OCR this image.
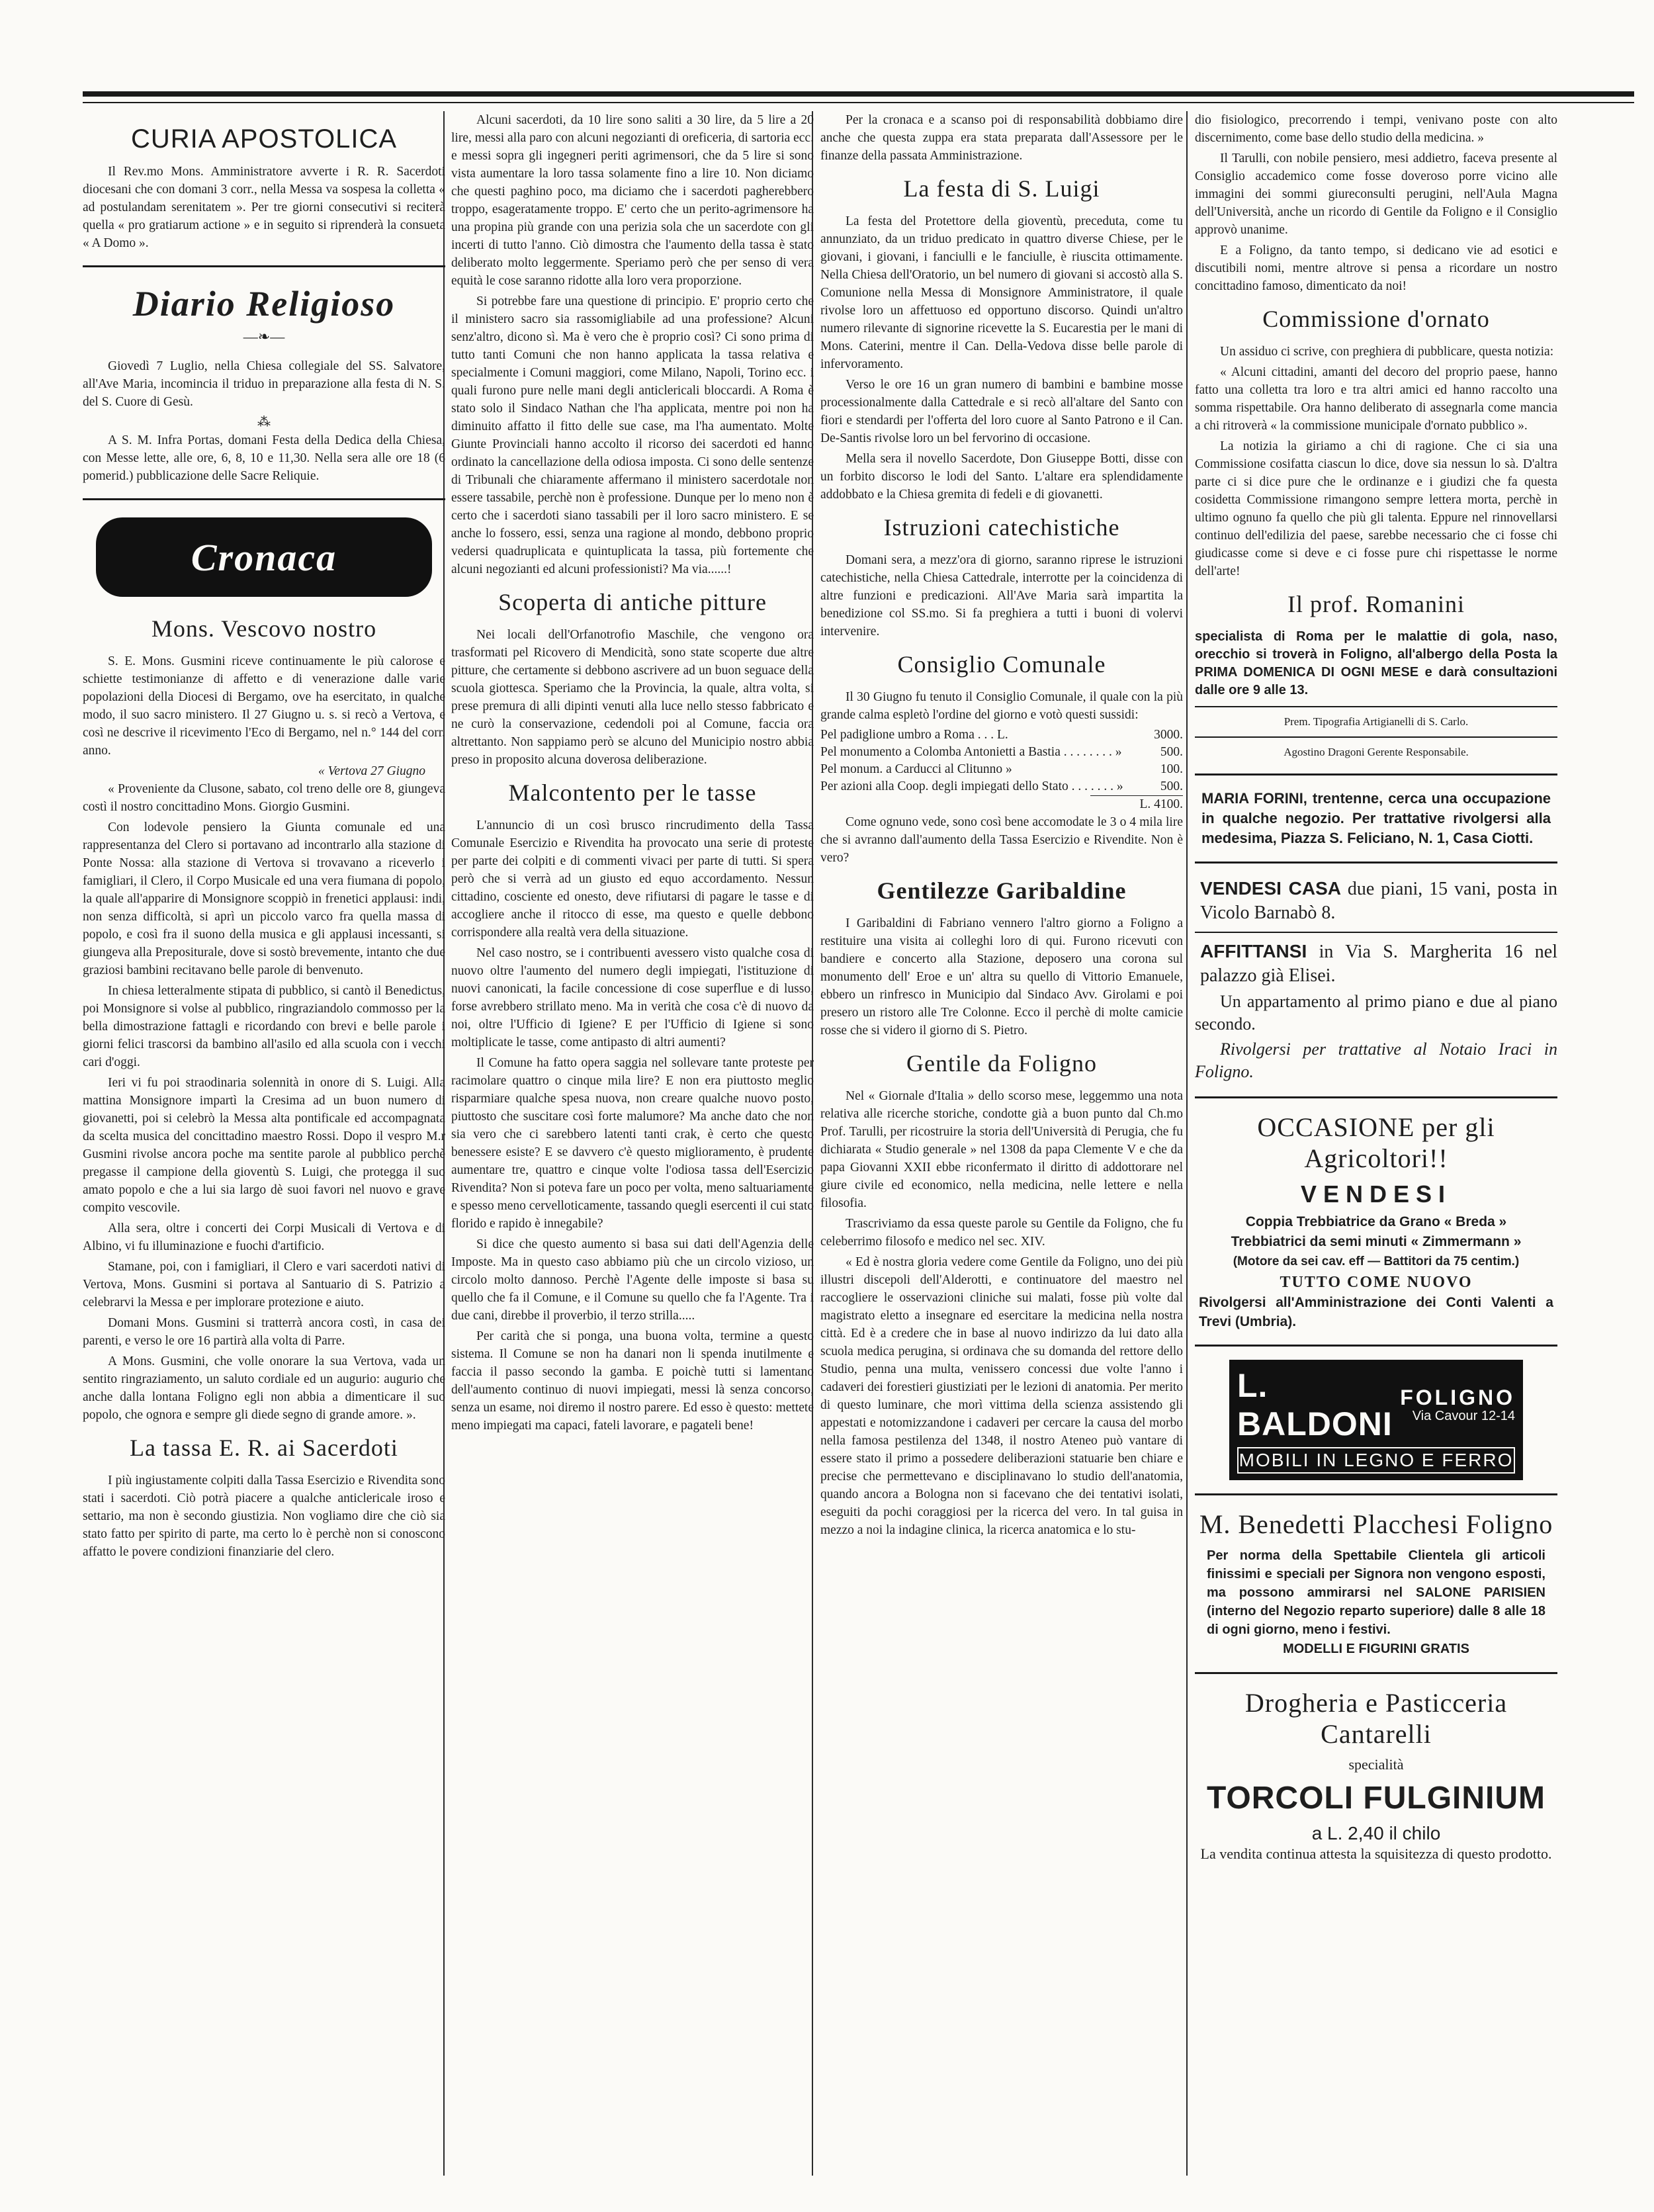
CURIA APOSTOLICA

Il Rev.mo Mons. Amministratore avverte i R. R. Sacerdoti diocesani che con domani 3 corr., nella Messa va sospesa la colletta « ad postulandam serenitatem ». Per tre giorni consecutivi si reciterà quella « pro gratiarum actione » e in seguito si riprenderà la consueta « A Domo ».

Diario Religioso
—❧—

Giovedì 7 Luglio, nella Chiesa collegiale del SS. Salvatore, all'Ave Maria, incomincia il triduo in preparazione alla festa di N. S. del S. Cuore di Gesù.

⁂

A S. M. Infra Portas, domani Festa della Dedica della Chiesa, con Messe lette, alle ore, 6, 8, 10 e 11,30. Nella sera alle ore 18 (6 pomerid.) pubblicazione delle Sacre Reliquie.

Cronaca
Mons. Vescovo nostro

S. E. Mons. Gusmini riceve continuamente le più calorose e schiette testimonianze di affetto e di venerazione dalle varie popolazioni della Diocesi di Bergamo, ove ha esercitato, in qualche modo, il suo sacro ministero. Il 27 Giugno u. s. si recò a Vertova, e così ne descrive il ricevimento l'Eco di Bergamo, nel n.° 144 del corr. anno.

« Vertova 27 Giugno

« Proveniente da Clusone, sabato, col treno delle ore 8, giungeva costì il nostro concittadino Mons. Giorgio Gusmini.

Con lodevole pensiero la Giunta comunale ed una rappresentanza del Clero si portavano ad incontrarlo alla stazione di Ponte Nossa: alla stazione di Vertova si trovavano a riceverlo i famigliari, il Clero, il Corpo Musicale ed una vera fiumana di popolo, la quale all'apparire di Monsignore scoppiò in frenetici applausi: indi, non senza difficoltà, si aprì un piccolo varco fra quella massa di popolo, e così fra il suono della musica e gli applausi incessanti, si giungeva alla Prepositurale, dove si sostò brevemente, intanto che due graziosi bambini recitavano belle parole di benvenuto.

In chiesa letteralmente stipata di pubblico, si cantò il Benedictus, poi Monsignore si volse al pubblico, ringraziandolo commosso per la bella dimostrazione fattagli e ricordando con brevi e belle parole i giorni felici trascorsi da bambino all'asilo ed alla scuola con i vecchi cari d'oggi.

Ieri vi fu poi straodinaria solennità in onore di S. Luigi. Alla mattina Monsignore impartì la Cresima ad un buon numero di giovanetti, poi si celebrò la Messa alta pontificale ed accompagnata da scelta musica del concittadino maestro Rossi. Dopo il vespro M.r Gusmini rivolse ancora poche ma sentite parole al pubblico perchè pregasse il campione della gioventù S. Luigi, che protegga il suo amato popolo e che a lui sia largo dè suoi favori nel nuovo e grave compito vescovile.

Alla sera, oltre i concerti dei Corpi Musicali di Vertova e di Albino, vi fu illuminazione e fuochi d'artificio.

Stamane, poi, con i famigliari, il Clero e vari sacerdoti nativi di Vertova, Mons. Gusmini si portava al Santuario di S. Patrizio a celebrarvi la Messa e per implorare protezione e aiuto.

Domani Mons. Gusmini si tratterrà ancora costì, in casa dei parenti, e verso le ore 16 partirà alla volta di Parre.

A Mons. Gusmini, che volle onorare la sua Vertova, vada un sentito ringraziamento, un saluto cordiale ed un augurio: augurio che anche dalla lontana Foligno egli non abbia a dimenticare il suo popolo, che ognora e sempre gli diede segno di grande amore. ».

La tassa E. R. ai Sacerdoti

I più ingiustamente colpiti dalla Tassa Esercizio e Rivendita sono stati i sacerdoti. Ciò potrà piacere a qualche anticlericale iroso e settario, ma non è secondo giustizia. Non vogliamo dire che ciò sia stato fatto per spirito di parte, ma certo lo è perchè non si conoscono affatto le povere condizioni finanziarie del clero.

Alcuni sacerdoti, da 10 lire sono saliti a 30 lire, da 5 lire a 20 lire, messi alla paro con alcuni negozianti di oreficeria, di sartoria ecc. e messi sopra gli ingegneri periti agrimensori, che da 5 lire si sono vista aumentare la loro tassa solamente fino a lire 10. Non diciamo che questi paghino poco, ma diciamo che i sacerdoti pagherebbero troppo, esageratamente troppo. E' certo che un perito-agrimensore ha una propina più grande con una perizia sola che un sacerdote con gli incerti di tutto l'anno. Ciò dimostra che l'aumento della tassa è stato deliberato molto leggermente. Speriamo però che per senso di vera equità le cose saranno ridotte alla loro vera proporzione.

Si potrebbe fare una questione di principio. E' proprio certo che il ministero sacro sia rassomigliabile ad una professione? Alcuni senz'altro, dicono sì. Ma è vero che è proprio così? Ci sono prima di tutto tanti Comuni che non hanno applicata la tassa relativa e specialmente i Comuni maggiori, come Milano, Napoli, Torino ecc. i quali furono pure nelle mani degli anticlericali bloccardi. A Roma è stato solo il Sindaco Nathan che l'ha applicata, mentre poi non ha diminuito affatto il fitto delle sue case, ma l'ha aumentato. Molte Giunte Provinciali hanno accolto il ricorso dei sacerdoti ed hanno ordinato la cancellazione della odiosa imposta. Ci sono delle sentenze di Tribunali che chiaramente affermano il ministero sacerdotale non essere tassabile, perchè non è professione. Dunque per lo meno non è certo che i sacerdoti siano tassabili per il loro sacro ministero. E se anche lo fossero, essi, senza una ragione al mondo, debbono proprio vedersi quadruplicata e quintuplicata la tassa, più fortemente che alcuni negozianti ed alcuni professionisti? Ma via......!

Scoperta di antiche pitture

Nei locali dell'Orfanotrofio Maschile, che vengono ora trasformati pel Ricovero di Mendicità, sono state scoperte due altre pitture, che certamente si debbono ascrivere ad un buon seguace della scuola giottesca. Speriamo che la Provincia, la quale, altra volta, si prese premura di alli dipinti venuti alla luce nello stesso fabbricato e ne curò la conservazione, cedendoli poi al Comune, faccia ora altrettanto. Non sappiamo però se alcuno del Municipio nostro abbia preso in proposito alcuna doverosa deliberazione.

Malcontento per le tasse

L'annuncio di un così brusco rincrudimento della Tassa Comunale Esercizio e Rivendita ha provocato una serie di proteste per parte dei colpiti e di commenti vivaci per parte di tutti. Si spera però che si verrà ad un giusto ed equo accordamento. Nessun cittadino, cosciente ed onesto, deve rifiutarsi di pagare le tasse e di accogliere anche il ritocco di esse, ma questo e quelle debbono corrispondere alla realtà vera della situazione.

Nel caso nostro, se i contribuenti avessero visto qualche cosa di nuovo oltre l'aumento del numero degli impiegati, l'istituzione di nuovi canonicati, la facile concessione di cose superflue e di lusso, forse avrebbero strillato meno. Ma in verità che cosa c'è di nuovo da noi, oltre l'Ufficio di Igiene? E per l'Ufficio di Igiene si sono moltiplicate le tasse, come antipasto di altri aumenti?

Il Comune ha fatto opera saggia nel sollevare tante proteste per racimolare quattro o cinque mila lire? E non era piuttosto meglio risparmiare qualche spesa nuova, non creare qualche nuovo posto, piuttosto che suscitare così forte malumore? Ma anche dato che non sia vero che ci sarebbero latenti tanti crak, è certo che questo benessere esiste? E se davvero c'è questo miglioramento, è prudente aumentare tre, quattro e cinque volte l'odiosa tassa dell'Esercizio Rivendita? Non si poteva fare un poco per volta, meno saltuariamente e spesso meno cervelloticamente, tassando quegli esercenti il cui stato florido e rapido è innegabile?

Si dice che questo aumento si basa sui dati dell'Agenzia delle Imposte. Ma in questo caso abbiamo più che un circolo vizioso, un circolo molto dannoso. Perchè l'Agente delle imposte si basa su quello che fa il Comune, e il Comune su quello che fa l'Agente. Tra i due cani, direbbe il proverbio, il terzo strilla.....

Per carità che si ponga, una buona volta, termine a questo sistema. Il Comune se non ha danari non li spenda inutilmente e faccia il passo secondo la gamba. E poichè tutti si lamentano dell'aumento continuo di nuovi impiegati, messi là senza concorso, senza un esame, noi diremo il nostro parere. Ed esso è questo: mettete meno impiegati ma capaci, fateli lavorare, e pagateli bene!

Per la cronaca e a scanso poi di responsabilità dobbiamo dire anche che questa zuppa era stata preparata dall'Assessore per le finanze della passata Amministrazione.

La festa di S. Luigi

La festa del Protettore della gioventù, preceduta, come tu annunziato, da un triduo predicato in quattro diverse Chiese, per le giovani, i giovani, i fanciulli e le fanciulle, è riuscita ottimamente. Nella Chiesa dell'Oratorio, un bel numero di giovani si accostò alla S. Comunione nella Messa di Monsignore Amministratore, il quale rivolse loro un affettuoso ed opportuno discorso. Quindi un'altro numero rilevante di signorine ricevette la S. Eucarestia per le mani di Mons. Caterini, mentre il Can. Della-Vedova disse belle parole di infervoramento.

Verso le ore 16 un gran numero di bambini e bambine mosse processionalmente dalla Cattedrale e si recò all'altare del Santo con fiori e stendardi per l'offerta del loro cuore al Santo Patrono e il Can. De-Santis rivolse loro un bel fervorino di occasione.

Mella sera il novello Sacerdote, Don Giuseppe Botti, disse con un forbito discorso le lodi del Santo. L'altare era splendidamente addobbato e la Chiesa gremita di fedeli e di giovanetti.

Istruzioni catechistiche

Domani sera, a mezz'ora di giorno, saranno riprese le istruzioni catechistiche, nella Chiesa Cattedrale, interrotte per la coincidenza di altre funzioni e predicazioni. All'Ave Maria sarà impartita la benedizione col SS.mo. Si fa preghiera a tutti i buoni di volervi intervenire.

Consiglio Comunale

Il 30 Giugno fu tenuto il Consiglio Comunale, il quale con la più grande calma espletò l'ordine del giorno e votò questi sussidi:

Pel padiglione umbro a Roma . . . L.	3000.
Pel monumento a Colomba Antonietti a Bastia . . . . . . . . »	500.
Pel monum. a Carducci al Clitunno »	100.
Per azioni alla Coop. degli impiegati dello Stato . . . . . . . »	500.
L. 4100.

Come ognuno vede, sono così bene accomodate le 3 o 4 mila lire che si avranno dall'aumento della Tassa Esercizio e Rivendite. Non è vero?

Gentilezze Garibaldine

I Garibaldini di Fabriano vennero l'altro giorno a Foligno a restituire una visita ai colleghi loro di qui. Furono ricevuti con bandiere e concerto alla Stazione, deposero una corona sul monumento dell' Eroe e un' altra su quello di Vittorio Emanuele, ebbero un rinfresco in Municipio dal Sindaco Avv. Girolami e poi presero un ristoro alle Tre Colonne. Ecco il perchè di molte camicie rosse che si videro il giorno di S. Pietro.

Gentile da Foligno

Nel « Giornale d'Italia » dello scorso mese, leggemmo una nota relativa alle ricerche storiche, condotte già a buon punto dal Ch.mo Prof. Tarulli, per ricostruire la storia dell'Università di Perugia, che fu dichiarata « Studio generale » nel 1308 da papa Clemente V e che da papa Giovanni XXII ebbe riconfermato il diritto di addottorare nel giure civile ed economico, nella medicina, nelle lettere e nella filosofia.

Trascriviamo da essa queste parole su Gentile da Foligno, che fu celeberrimo filosofo e medico nel sec. XIV.

« Ed è nostra gloria vedere come Gentile da Foligno, uno dei più illustri discepoli dell'Alderotti, e continuatore del maestro nel raccogliere le osservazioni cliniche sui malati, fosse più volte dal magistrato eletto a insegnare ed esercitare la medicina nella nostra città. Ed è a credere che in base al nuovo indirizzo da lui dato alla scuola medica perugina, si ordinava che su domanda del rettore dello Studio, penna una multa, venissero concessi due volte l'anno i cadaveri dei forestieri giustiziati per le lezioni di anatomia. Per merito di questo luminare, che morì vittima della scienza assistendo gli appestati e notomizzandone i cadaveri per cercare la causa del morbo nella famosa pestilenza del 1348, il nostro Ateneo può vantare di essere stato il primo a possedere deliberazioni statuarie ben chiare e precise che permettevano e disciplinavano lo studio dell'anatomia, quando ancora a Bologna non si facevano che dei tentativi isolati, eseguiti da pochi coraggiosi per la ricerca del vero. In tal guisa in mezzo a noi la indagine clinica, la ricerca anatomica e lo stu-

dio fisiologico, precorrendo i tempi, venivano poste con alto discernimento, come base dello studio della medicina. »

Il Tarulli, con nobile pensiero, mesi addietro, faceva presente al Consiglio accademico come fosse doveroso porre vicino alle immagini dei sommi giureconsulti perugini, nell'Aula Magna dell'Università, anche un ricordo di Gentile da Foligno e il Consiglio approvò unanime.

E a Foligno, da tanto tempo, si dedicano vie ad esotici e discutibili nomi, mentre altrove si pensa a ricordare un nostro concittadino famoso, dimenticato da noi!

Commissione d'ornato

Un assiduo ci scrive, con preghiera di pubblicare, questa notizia:

« Alcuni cittadini, amanti del decoro del proprio paese, hanno fatto una colletta tra loro e tra altri amici ed hanno raccolto una somma rispettabile. Ora hanno deliberato di assegnarla come mancia a chi ritroverà « la commissione municipale d'ornato pubblico ».

La notizia la giriamo a chi di ragione. Che ci sia una Commissione cosifatta ciascun lo dice, dove sia nessun lo sà. D'altra parte ci si dice pure che le ordinanze e i giudizi che fa questa cosidetta Commissione rimangono sempre lettera morta, perchè in ultimo ognuno fa quello che più gli talenta. Eppure nel rinnovellarsi continuo dell'edilizia del paese, sarebbe necessario che ci fosse chi giudicasse come si deve e ci fosse pure chi rispettasse le norme dell'arte!

Il prof. Romanini
specialista di Roma per le malattie di gola, naso, orecchio si troverà in Foligno, all'albergo della Posta la PRIMA DOMENICA DI OGNI MESE e darà consultazioni dalle ore 9 alle 13.

Prem. Tipografia Artigianelli di S. Carlo.

Agostino Dragoni Gerente Responsabile.

MARIA FORINI, trentenne, cerca una occupazione in qualche negozio. Per trattative rivolgersi alla medesima, Piazza S. Feliciano, N. 1, Casa Ciotti.

VENDESI CASA due piani, 15 vani, posta in Vicolo Barnabò 8.

AFFITTANSI in Via S. Margherita 16 nel palazzo già Elisei.

Un appartamento al primo piano e due al piano secondo.

Rivolgersi per trattative al Notaio Iraci in Foligno.

OCCASIONE per gli Agricoltori!!
VENDESI
Coppia Trebbiatrice da Grano « Breda »
Trebbiatrici da semi minuti « Zimmermann »
(Motore da sei cav. eff — Battitori da 75 centim.)
TUTTO COME NUOVO
Rivolgersi all'Amministrazione dei Conti Valenti a Trevi (Umbria).
L. BALDONI
FOLIGNO
Via Cavour 12-14
MOBILI IN LEGNO E FERRO
M. Benedetti Placchesi Foligno
Per norma della Spettabile Clientela gli articoli finissimi e speciali per Signora non vengono esposti, ma possono ammirarsi nel SALONE PARISIEN (interno del Negozio reparto superiore) dalle 8 alle 18 di ogni giorno, meno i festivi.
MODELLI E FIGURINI GRATIS
Drogheria e Pasticceria Cantarelli
specialità
TORCOLI FULGINIUM
a L. 2,40 il chilo

La vendita continua attesta la squisitezza di questo prodotto.
